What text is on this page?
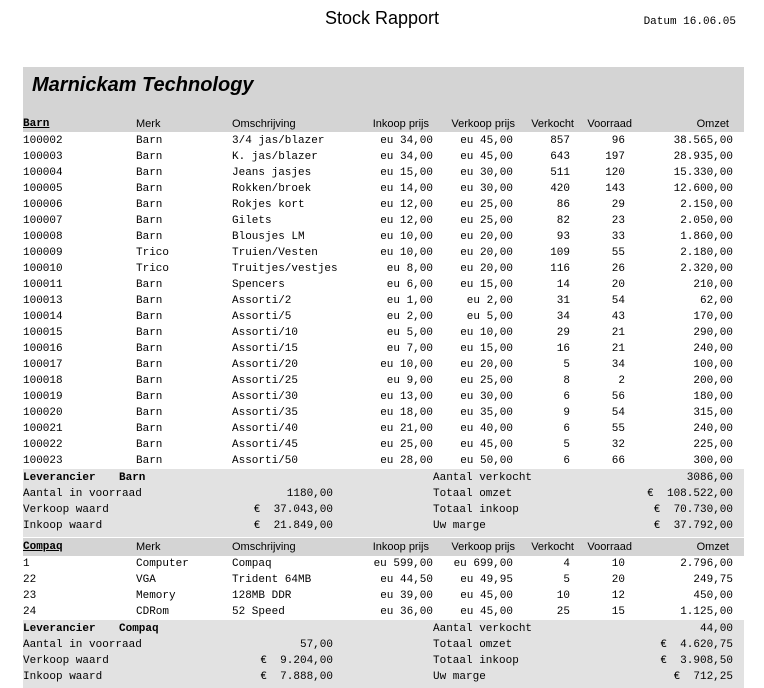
Stock Rapport	Datum 16.06.05
Marnickam Technology
Barn	Merk	Omschrijving	Inkoop prijs	Verkoop prijs	Verkocht	Voorraad	Omzet
100002	Barn	3/4 jas/blazer	eu 34,00	eu 45,00	857	96	38.565,00
100003	Barn	K. jas/blazer	eu 34,00	eu 45,00	643	197	28.935,00
100004	Barn	Jeans jasjes	eu 15,00	eu 30,00	511	120	15.330,00
100005	Barn	Rokken/broek	eu 14,00	eu 30,00	420	143	12.600,00
100006	Barn	Rokjes kort	eu 12,00	eu 25,00	86	29	2.150,00
100007	Barn	Gilets	eu 12,00	eu 25,00	82	23	2.050,00
100008	Barn	Blousjes LM	eu 10,00	eu 20,00	93	33	1.860,00
100009	Trico	Truien/Vesten	eu 10,00	eu 20,00	109	55	2.180,00
100010	Trico	Truitjes/vestjes	eu 8,00	eu 20,00	116	26	2.320,00
100011	Barn	Spencers	eu 6,00	eu 15,00	14	20	210,00
100013	Barn	Assorti/2	eu 1,00	eu 2,00	31	54	62,00
100014	Barn	Assorti/5	eu 2,00	eu 5,00	34	43	170,00
100015	Barn	Assorti/10	eu 5,00	eu 10,00	29	21	290,00
100016	Barn	Assorti/15	eu 7,00	eu 15,00	16	21	240,00
100017	Barn	Assorti/20	eu 10,00	eu 20,00	5	34	100,00
100018	Barn	Assorti/25	eu 9,00	eu 25,00	8	2	200,00
100019	Barn	Assorti/30	eu 13,00	eu 30,00	6	56	180,00
100020	Barn	Assorti/35	eu 18,00	eu 35,00	9	54	315,00
100021	Barn	Assorti/40	eu 21,00	eu 40,00	6	55	240,00
100022	Barn	Assorti/45	eu 25,00	eu 45,00	5	32	225,00
100023	Barn	Assorti/50	eu 28,00	eu 50,00	6	66	300,00
Leverancier	Barn
Aantal in voorraad	1180,00
Verkoop waard	€  37.043,00
Inkoop waard	€  21.849,00
Aantal verkocht	3086,00
Totaal omzet	€  108.522,00
Totaal inkoop	€  70.730,00
Uw marge	€  37.792,00
Compaq	Merk	Omschrijving	Inkoop prijs	Verkoop prijs	Verkocht	Voorraad	Omzet
1	Computer	Compaq	eu 599,00	eu 699,00	4	10	2.796,00
22	VGA	Trident 64MB	eu 44,50	eu 49,95	5	20	249,75
23	Memory	128MB DDR	eu 39,00	eu 45,00	10	12	450,00
24	CDRom	52 Speed	eu 36,00	eu 45,00	25	15	1.125,00
Leverancier	Compaq
Aantal in voorraad	57,00
Verkoop waard	€  9.204,00
Inkoop waard	€  7.888,00
Aantal verkocht	44,00
Totaal omzet	€  4.620,75
Totaal inkoop	€  3.908,50
Uw marge	€  712,25
